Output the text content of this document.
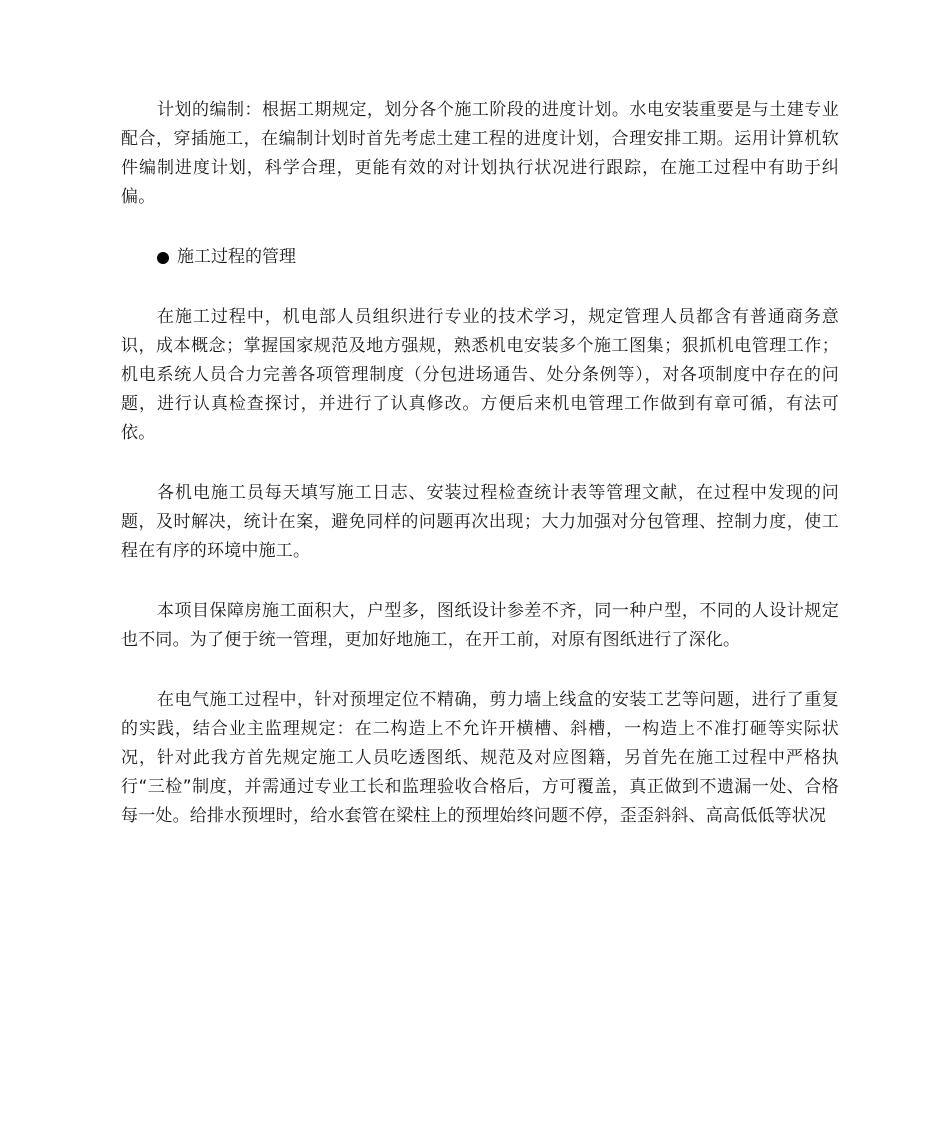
计划的编制：根据工期规定，划分各个施工阶段的进度计划。水电安装重要是与土建专业配合，穿插施工，在编制计划时首先考虑土建工程的进度计划，合理安排工期。运用计算机软件编制进度计划，科学合理，更能有效的对计划执行状况进行跟踪，在施工过程中有助于纠偏。

施工过程的管理

在施工过程中，机电部人员组织进行专业的技术学习，规定管理人员都含有普通商务意识，成本概念；掌握国家规范及地方强规，熟悉机电安装多个施工图集；狠抓机电管理工作；机电系统人员合力完善各项管理制度（分包进场通告、处分条例等），对各项制度中存在的问题，进行认真检查探讨，并进行了认真修改。方便后来机电管理工作做到有章可循，有法可依。

各机电施工员每天填写施工日志、安装过程检查统计表等管理文献，在过程中发现的问题，及时解决，统计在案，避免同样的问题再次出现；大力加强对分包管理、控制力度，使工程在有序的环境中施工。

本项目保障房施工面积大，户型多，图纸设计参差不齐，同一种户型，不同的人设计规定也不同。为了便于统一管理，更加好地施工，在开工前，对原有图纸进行了深化。

在电气施工过程中，针对预埋定位不精确，剪力墙上线盒的安装工艺等问题，进行了重复的实践，结合业主监理规定：在二构造上不允许开横槽、斜槽，一构造上不准打砸等实际状况，针对此我方首先规定施工人员吃透图纸、规范及对应图籍，另首先在施工过程中严格执行“三检”制度，并需通过专业工长和监理验收合格后，方可覆盖，真正做到不遗漏一处、合格每一处。给排水预埋时，给水套管在梁柱上的预埋始终问题不停，歪歪斜斜、高高低低等状况
